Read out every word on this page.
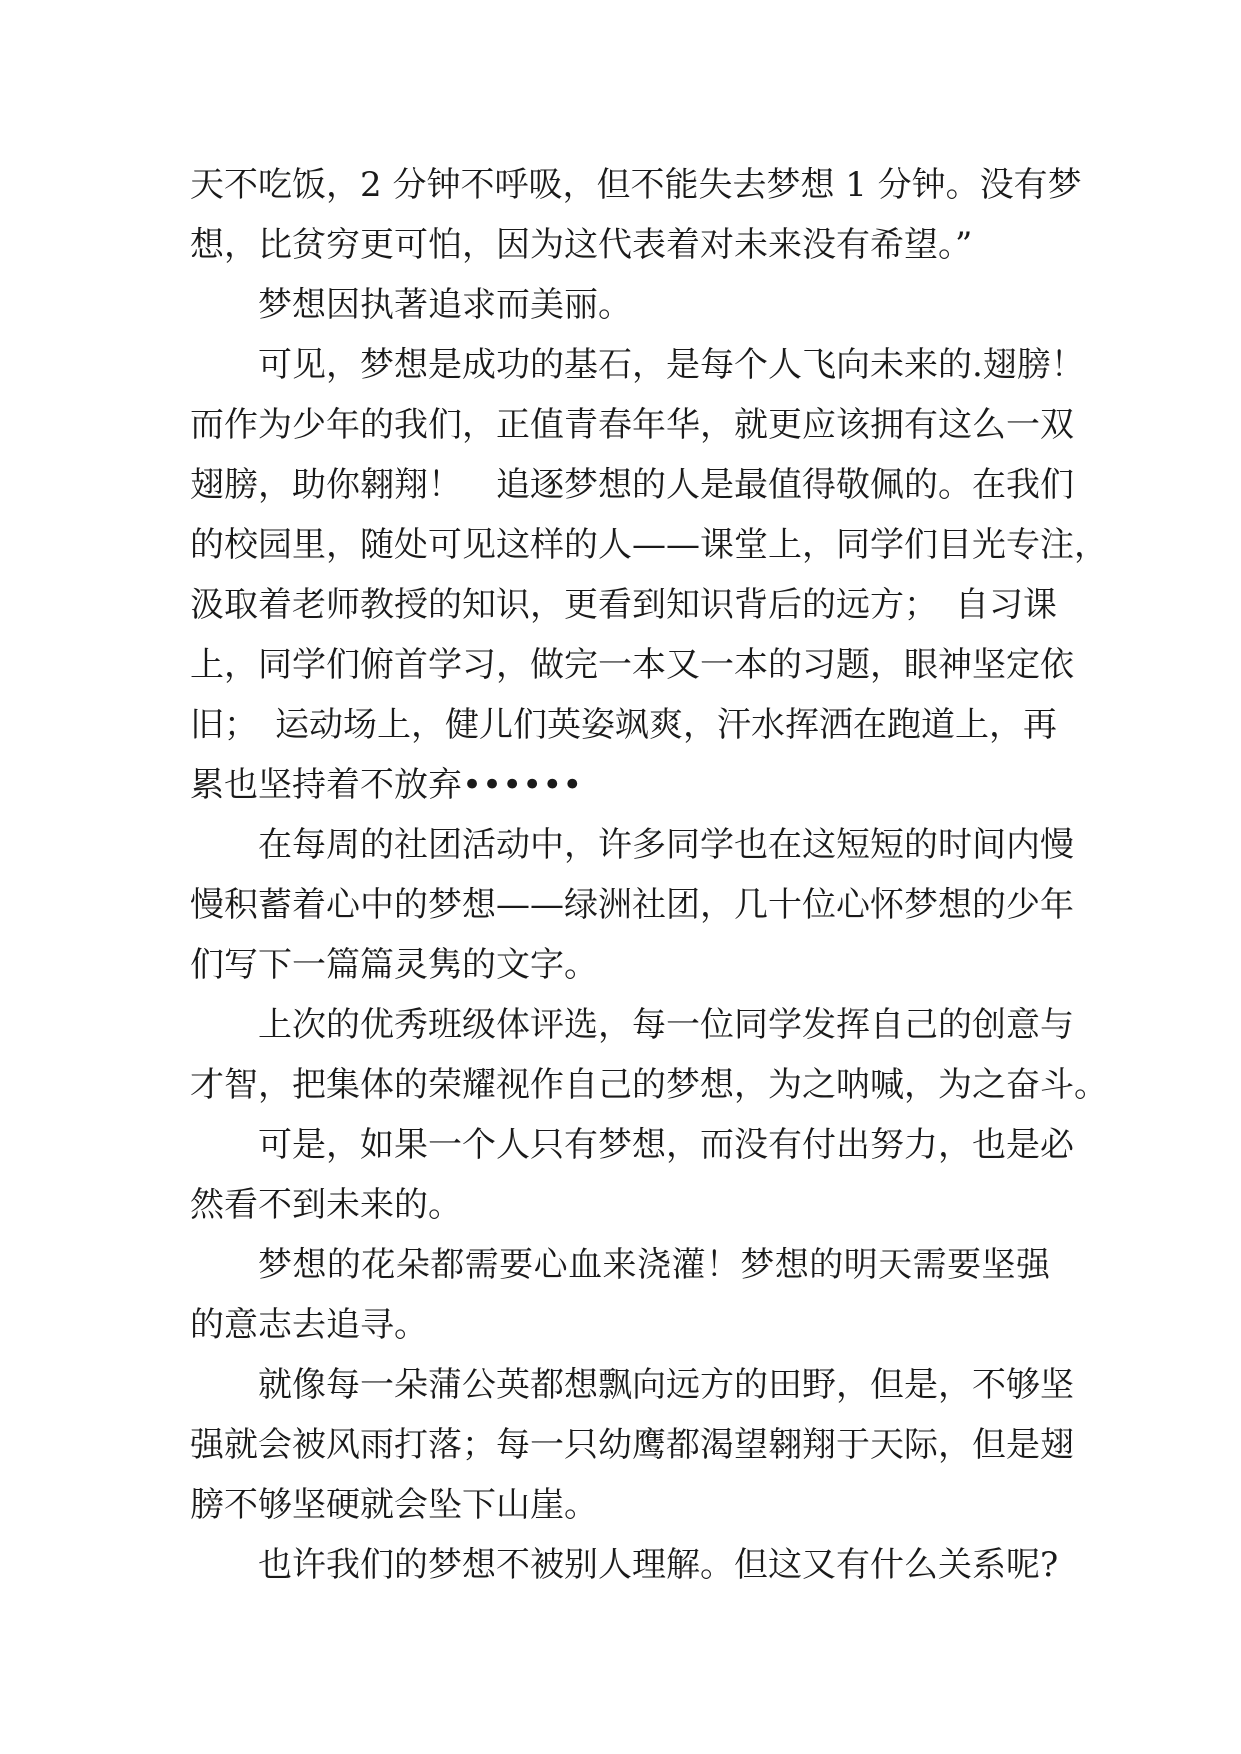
天不吃饭，2 分钟不呼吸，但不能失去梦想 1 分钟。没有梦
想，比贫穷更可怕，因为这代表着对未来没有希望。”
梦想因执著追求而美丽。
可见，梦想是成功的基石，是每个人飞向未来的.翅膀！
而作为少年的我们，正值青春年华，就更应该拥有这么一双
翅膀，助你翱翔！　追逐梦想的人是最值得敬佩的。在我们
的校园里，随处可见这样的人——课堂上，同学们目光专注，
汲取着老师教授的知识，更看到知识背后的远方；　自习课
上，同学们俯首学习，做完一本又一本的习题，眼神坚定依
旧；　运动场上，健儿们英姿飒爽，汗水挥洒在跑道上，再
累也坚持着不放弃••••••
在每周的社团活动中，许多同学也在这短短的时间内慢
慢积蓄着心中的梦想——绿洲社团，几十位心怀梦想的少年
们写下一篇篇灵隽的文字。
上次的优秀班级体评选，每一位同学发挥自己的创意与
才智，把集体的荣耀视作自己的梦想，为之呐喊，为之奋斗。
可是，如果一个人只有梦想，而没有付出努力，也是必
然看不到未来的。
梦想的花朵都需要心血来浇灌！梦想的明天需要坚强
的意志去追寻。
就像每一朵蒲公英都想飘向远方的田野，但是，不够坚
强就会被风雨打落；每一只幼鹰都渴望翱翔于天际，但是翅
膀不够坚硬就会坠下山崖。
也许我们的梦想不被别人理解。但这又有什么关系呢?
